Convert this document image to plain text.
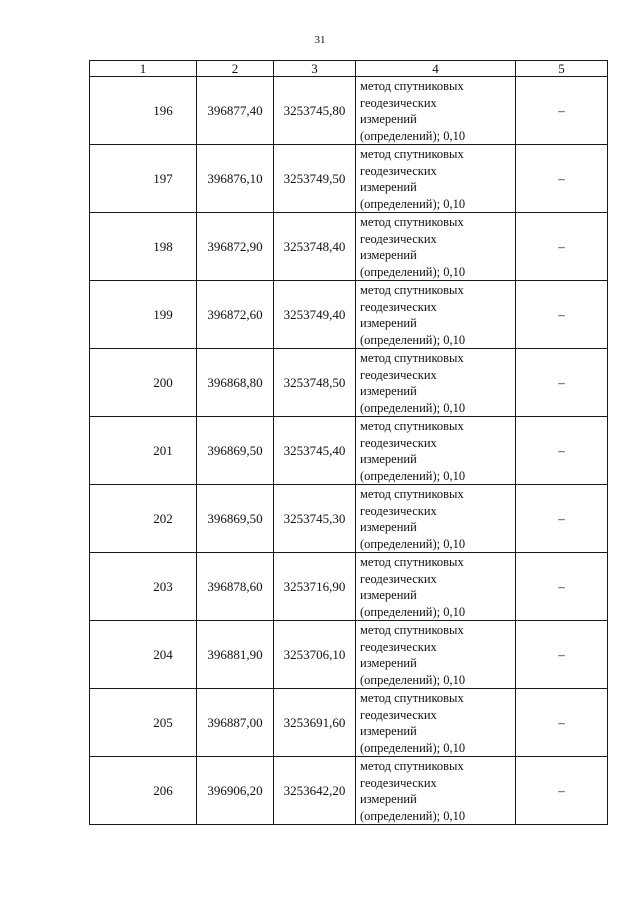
31
1	2	3	4	5
196	396877,40	3253745,80	метод спутниковых
геодезических
измерений
(определений); 0,10	–
197	396876,10	3253749,50	метод спутниковых
геодезических
измерений
(определений); 0,10	–
198	396872,90	3253748,40	метод спутниковых
геодезических
измерений
(определений); 0,10	–
199	396872,60	3253749,40	метод спутниковых
геодезических
измерений
(определений); 0,10	–
200	396868,80	3253748,50	метод спутниковых
геодезических
измерений
(определений); 0,10	–
201	396869,50	3253745,40	метод спутниковых
геодезических
измерений
(определений); 0,10	–
202	396869,50	3253745,30	метод спутниковых
геодезических
измерений
(определений); 0,10	–
203	396878,60	3253716,90	метод спутниковых
геодезических
измерений
(определений); 0,10	–
204	396881,90	3253706,10	метод спутниковых
геодезических
измерений
(определений); 0,10	–
205	396887,00	3253691,60	метод спутниковых
геодезических
измерений
(определений); 0,10	–
206	396906,20	3253642,20	метод спутниковых
геодезических
измерений
(определений); 0,10	–
